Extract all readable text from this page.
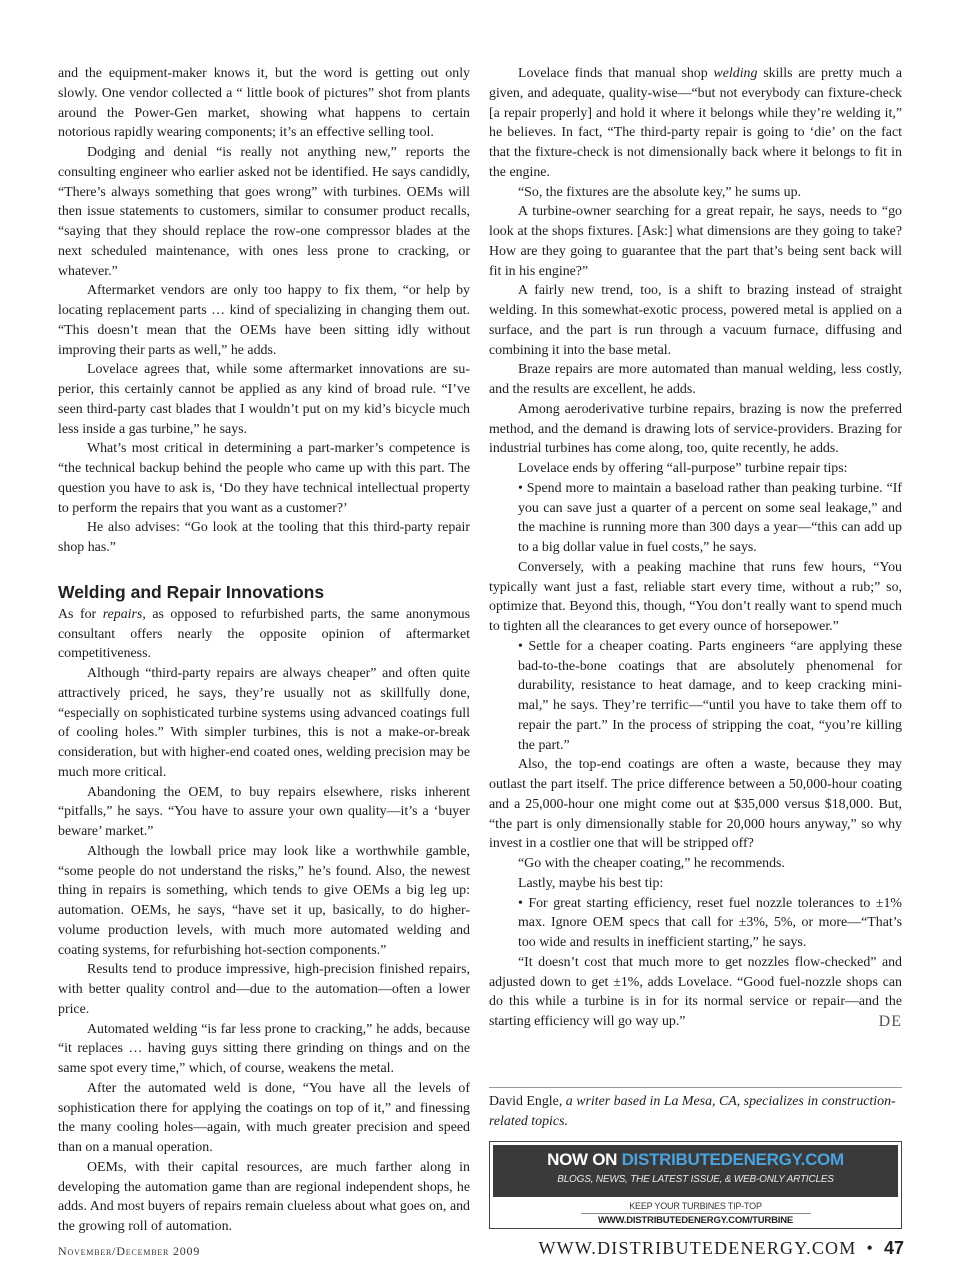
and the equipment-maker knows it, but the word is getting out only slowly. One vendor collected a “ little book of pictures” shot from plants around the Power-Gen market, showing what happens to certain notorious rapidly wearing components; it’s an effective selling tool.

Dodging and denial “is really not anything new,” reports the consulting engineer who earlier asked not be identified. He says candidly, “There’s always something that goes wrong” with turbines. OEMs will then issue statements to customers, similar to consumer product recalls, “saying that they should replace the row-one compressor blades at the next scheduled maintenance, with ones less prone to cracking, or whatever.”

Aftermarket vendors are only too happy to fix them, “or help by locating replacement parts … kind of specializing in changing them out. “This doesn’t mean that the OEMs have been sitting idly without improving their parts as well,” he adds.

Lovelace agrees that, while some aftermarket innovations are superior, this certainly cannot be applied as any kind of broad rule. “I’ve seen third-party cast blades that I wouldn’t put on my kid’s bicycle much less inside a gas turbine,” he says.

What’s most critical in determining a part-marker’s competence is “the technical backup behind the people who came up with this part. The question you have to ask is, ‘Do they have technical intellectual property to perform the repairs that you want as a customer?’

He also advises: “Go look at the tooling that this third-party repair shop has.”

Welding and Repair Innovations

As for repairs, as opposed to refurbished parts, the same anonymous consultant offers nearly the opposite opinion of aftermarket competitiveness.

Although “third-party repairs are always cheaper” and often quite attractively priced, he says, they’re usually not as skillfully done, “especially on sophisticated turbine systems using advanced coatings full of cooling holes.” With simpler turbines, this is not a make-or-break consideration, but with higher-end coated ones, welding precision may be much more critical.

Abandoning the OEM, to buy repairs elsewhere, risks inherent “pitfalls,” he says. “You have to assure your own quality—it’s a ‘buyer beware’ market.”

Although the lowball price may look like a worthwhile gamble, “some people do not understand the risks,” he’s found. Also, the newest thing in repairs is something, which tends to give OEMs a big leg up: automation. OEMs, he says, “have set it up, basically, to do higher-volume production levels, with much more automated welding and coating systems, for refurbishing hot-section components.”

Results tend to produce impressive, high-precision finished repairs, with better quality control and—due to the automation—often a lower price.

Automated welding “is far less prone to cracking,” he adds, because “it replaces … having guys sitting there grinding on things and on the same spot every time,” which, of course, weakens the metal.

After the automated weld is done, “You have all the levels of sophistication there for applying the coatings on top of it,” and finessing the many cooling holes—again, with much greater precision and speed than on a manual operation.

OEMs, with their capital resources, are much farther along in developing the automation game than are regional independent shops, he adds. And most buyers of repairs remain clueless about what goes on, and the growing roll of automation.

Lovelace finds that manual shop welding skills are pretty much a given, and adequate, quality-wise—“but not everybody can fixture-check [a repair properly] and hold it where it belongs while they’re welding it,” he believes. In fact, “The third-party repair is going to ‘die’ on the fact that the fixture-check is not dimensionally back where it belongs to fit in the engine.

“So, the fixtures are the absolute key,” he sums up.

A turbine-owner searching for a great repair, he says, needs to “go look at the shops fixtures. [Ask:] what dimensions are they going to take? How are they going to guarantee that the part that’s being sent back will fit in his engine?”

A fairly new trend, too, is a shift to brazing instead of straight welding. In this somewhat-exotic process, powered metal is applied on a surface, and the part is run through a vacuum furnace, diffusing and combining it into the base metal.

Braze repairs are more automated than manual welding, less costly, and the results are excellent, he adds.

Among aeroderivative turbine repairs, brazing is now the preferred method, and the demand is drawing lots of service-providers. Brazing for industrial turbines has come along, too, quite recently, he adds.

Lovelace ends by offering “all-purpose” turbine repair tips:

• Spend more to maintain a baseload rather than peaking turbine. “If you can save just a quarter of a percent on some seal leakage,” and the machine is running more than 300 days a year—“this can add up to a big dollar value in fuel costs,” he says.

Conversely, with a peaking machine that runs few hours, “You typically want just a fast, reliable start every time, without a rub;” so, optimize that. Beyond this, though, “You don’t really want to spend much to tighten all the clearances to get every ounce of horsepower.”

• Settle for a cheaper coating. Parts engineers “are applying these bad-to-the-bone coatings that are absolutely phenomenal for durability, resistance to heat damage, and to keep cracking minimal,” he says. They’re terrific—“until you have to take them off to repair the part.” In the process of stripping the coat, “you’re killing the part.”

Also, the top-end coatings are often a waste, because they may outlast the part itself. The price difference between a 50,000-hour coating and a 25,000-hour one might come out at $35,000 versus $18,000. But, “the part is only dimensionally stable for 20,000 hours anyway,” so why invest in a costlier one that will be stripped off?

“Go with the cheaper coating,” he recommends.

Lastly, maybe his best tip:

• For great starting efficiency, reset fuel nozzle tolerances to ±1% max. Ignore OEM specs that call for ±3%, 5%, or more—“That’s too wide and results in inefficient starting,” he says.

“It doesn’t cost that much more to get nozzles flow-checked” and adjusted down to get ±1%, adds Lovelace. “Good fuel-nozzle shops can do this while a turbine is in for its normal service or repair—and the starting efficiency will go way up.”	DE

David Engle, a writer based in La Mesa, CA, specializes in construction-related topics.
NOW ON DISTRIBUTEDENERGY.COM
BLOGS, NEWS, THE LATEST ISSUE, & WEB-ONLY ARTICLES
KEEP YOUR TURBINES TIP-TOP
WWW.DISTRIBUTEDENERGY.COM/TURBINE
November/December 2009	WWW.DISTRIBUTEDENERGY.COM • 47
